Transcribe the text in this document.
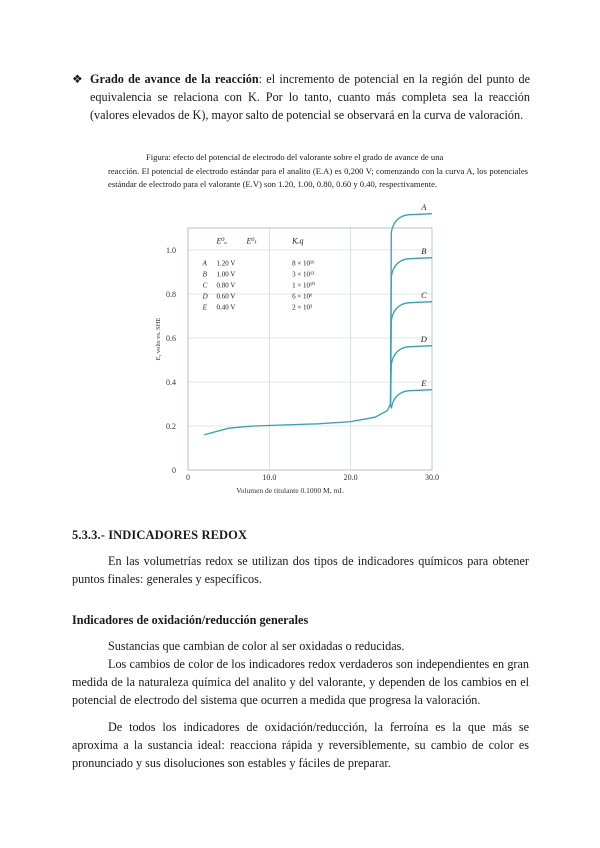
❖ Grado de avance de la reacción: el incremento de potencial en la región del punto de equivalencia se relaciona con K. Por lo tanto, cuanto más completa sea la reacción (valores elevados de K), mayor salto de potencial se observará en la curva de valoración.
Figura: efecto del potencial de electrodo del valorante sobre el grado de avance de una
reacción. El potencial de electrodo estándar para el analito (E.A) es 0,200 V; comenzando con la curva A, los potenciales estándar de electrodo para el valorante (E.V) son 1.20, 1.00, 0.80, 0.60 y 0.40, respectivamente.
0
0.2
0.4
0.6
0.8
1.0
0	10.0	20.0	30.0
Volumen de titulante 0.1000 M, mL
E, volts vs. SHE
A
B
C
D
E
E⁰ₐ E⁰ₜ	Kₑq
A 1.20 V	8 × 10¹⁶
B 1.00 V	3 × 10¹³
C 0.80 V	1 × 10¹⁰
D 0.60 V	6 × 10⁶
E 0.40 V	2 × 10³
5.3.3.- INDICADORES REDOX
En las volumetrías redox se utilizan dos tipos de indicadores químicos para obtener puntos finales: generales y específicos.
Indicadores de oxidación/reducción generales
Sustancias que cambian de color al ser oxidadas o reducidas.
Los cambios de color de los indicadores redox verdaderos son independientes en gran medida de la naturaleza química del analito y del valorante, y dependen de los cambios en el potencial de electrodo del sistema que ocurren a medida que progresa la valoración.
De todos los indicadores de oxidación/reducción, la ferroína es la que más se aproxima a la sustancia ideal: reacciona rápida y reversiblemente, su cambio de color es pronunciado y sus disoluciones son estables y fáciles de preparar.
